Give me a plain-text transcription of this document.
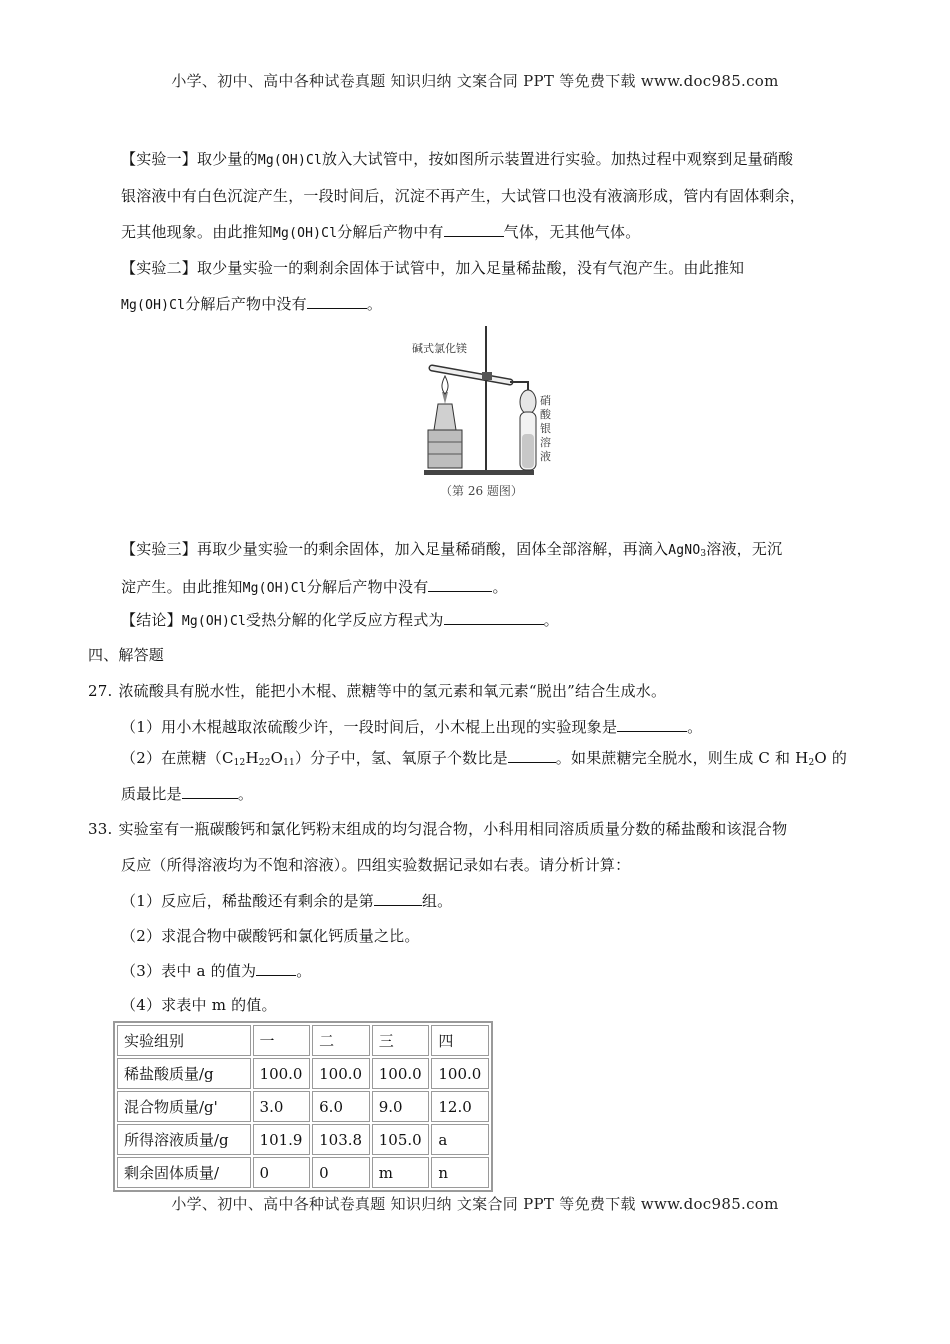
小学、初中、高中各种试卷真题 知识归纳 文案合同 PPT 等免费下载 www.doc985.com
【实验一】取少量的Mg(OH)Cl放入大试管中，按如图所示装置进行实验。加热过程中观察到足量硝酸
银溶液中有白色沉淀产生，一段时间后，沉淀不再产生，大试管口也没有液滴形成，管内有固体剩余，
无其他现象。由此推知Mg(OH)Cl分解后产物中有	气体，无其他气体。
【实验二】取少量实验一的剩刹余固体于试管中，加入足量稀盐酸，没有气泡产生。由此推知
Mg(OH)Cl分解后产物中没有	。
碱式氯化镁
硝
酸
银
溶
液
（第 26 题图）
【实验三】再取少量实验一的剩余固体，加入足量稀硝酸，固体全部溶解，再滴入AgNO$_3$溶液，无沉
淀产生。由此推知Mg(OH)Cl分解后产物中没有	。
【结论】Mg(OH)Cl受热分解的化学反应方程式为	。
四、解答题
27. 浓硫酸具有脱水性，能把小木棍、蔗糖等中的氢元素和氧元素“脱出”结合生成水。
（1）用小木棍越取浓硫酸少许，一段时间后，小木棍上出现的实验现象是	。
（2）在蔗糖$(C_{12}H_{22}O_{11})$分子中，氢、氧原子个数比是	。如果蔗糖完全脱水，则生成 C 和 $H_2O$ 的
质最比是	。
33. 实验室有一瓶碳酸钙和氯化钙粉末组成的均匀混合物，小科用相同溶质质量分数的稀盐酸和该混合物
反应（所得溶液均为不饱和溶液）。四组实验数据记录如右表。请分析计算：
（1）反应后，稀盐酸还有剩余的是第	组。
（2）求混合物中碳酸钙和氯化钙质量之比。
（3）表中 a 的值为	。
（4）求表中 m 的值。
实验组别	一	二	三	四
稀盐酸质量/g	100.0	100.0	100.0	100.0
混合物质量/g'	3.0	6.0	9.0	12.0
所得溶液质量/g	101.9	103.8	105.0	a
剩余固体质量/	0	0	m	n
小学、初中、高中各种试卷真题 知识归纳 文案合同 PPT 等免费下载 www.doc985.com
